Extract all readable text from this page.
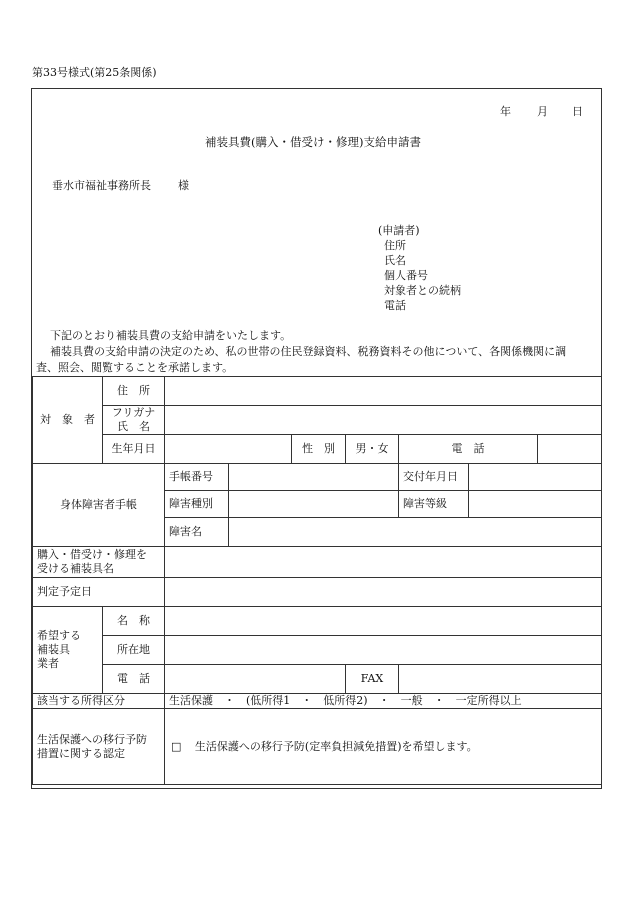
第33号様式(第25条関係)
年 月 日
補装具費(購入・借受け・修理)支給申請書
垂水市福祉事務所長 様
(申請者)
住所
氏名
個人番号
対象者との続柄
電話
下記のとおり補装具費の支給申請をいたします。
補装具費の支給申請の決定のため、私の世帯の住民登録資料、税務資料その他について、各関係機関に調
査、照会、閲覧することを承諾します。
対　象　者	住　所							

	フリガナ
氏　名							

	生年月日			性　別	男・女	電　話		
身体障害者手帳		手帳番号				交付年月日		
		障害種別				障害等級		
		障害名						

購入・借受け・修理を
受ける補装具名								

判定予定日								

希望する
補装具
業者	名　称							
	所在地							
	電　話				FAX			
該当する所得区分		生活保護　・　(低所得1　・　低所得2)　・　一般　・　一定所得以上						

生活保護への移行予防
措置に関する認定		□ 生活保護への移行予防(定率負担減免措置)を希望します。						
